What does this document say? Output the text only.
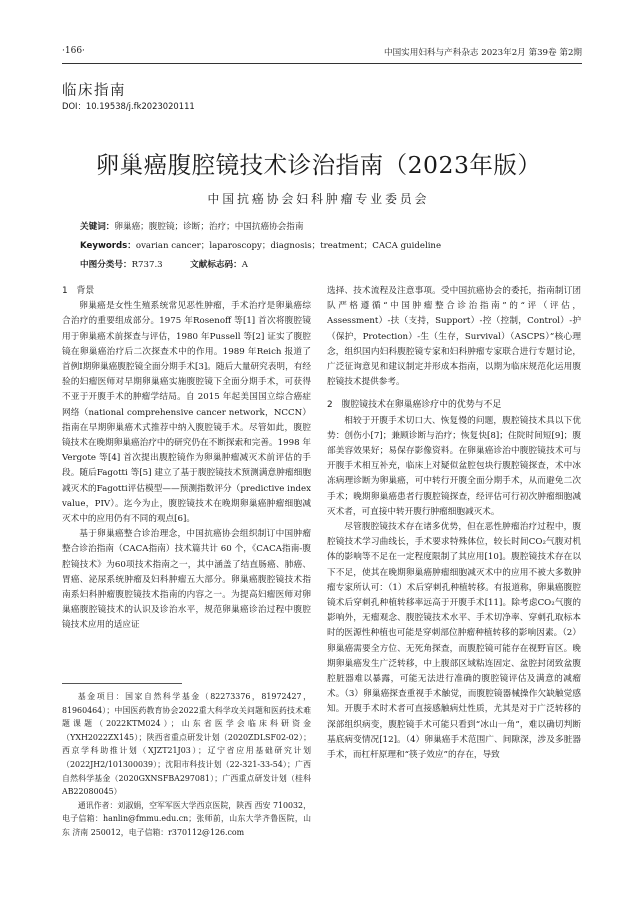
·166·	中国实用妇科与产科杂志 2023年2月 第39卷 第2期
临床指南
DOI：10.19538/j.fk2023020111
卵巢癌腹腔镜技术诊治指南（2023年版）
中国抗癌协会妇科肿瘤专业委员会
关键词：卵巢癌；腹腔镜；诊断；治疗；中国抗癌协会指南
Keywords：ovarian cancer；laparoscopy；diagnosis；treatment；CACA guideline
中图分类号：R737.3	文献标志码：A
1　背景

卵巢癌是女性生殖系统常见恶性肿瘤，手术治疗是卵巢癌综合治疗的重要组成部分。1975 年Rosenoff 等[1] 首次将腹腔镜用于卵巢癌术前探查与评估，1980 年Pussell 等[2] 证实了腹腔镜在卵巢癌治疗后二次探查术中的作用。1989 年Reich 报道了首例Ⅰ期卵巢癌腹腔镜全面分期手术[3]。随后大量研究表明，有经验的妇瘤医师对早期卵巢癌实施腹腔镜下全面分期手术，可获得不亚于开腹手术的肿瘤学结局。自 2015 年起美国国立综合癌症网络（national comprehensive cancer network，NCCN）指南在早期卵巢癌术式推荐中纳入腹腔镜手术。尽管如此，腹腔镜技术在晚期卵巢癌治疗中的研究仍在不断探索和完善。1998 年 Vergote 等[4] 首次提出腹腔镜作为卵巢肿瘤减灭术前评估的手段。随后Fagotti 等[5] 建立了基于腹腔镜技术预测满意肿瘤细胞减灭术的Fagotti评估模型——预测指数评分（predictive index value，PIV）。迄今为止，腹腔镜技术在晚期卵巢癌肿瘤细胞减灭术中的应用仍有不同的观点[6]。

基于卵巢癌整合诊治理念，中国抗癌协会组织制订中国肿瘤整合诊治指南（CACA指南）技术篇共计 60 个，《CACA指南-腹腔镜技术》为60项技术指南之一，其中涵盖了结直肠癌、肺癌、胃癌、泌尿系统肿瘤及妇科肿瘤五大部分。卵巢癌腹腔镜技术指南系妇科肿瘤腹腔镜技术指南的内容之一。为提高妇瘤医师对卵巢癌腹腔镜技术的认识及诊治水平，规范卵巢癌诊治过程中腹腔镜技术应用的适应证

基金项目：国家自然科学基金（82273376，81972427，81960464）；中国医药教育协会2022重大科学攻关问题和医药技术难题课题（2022KTM024）；山东省医学会临床科研资金（YXH2022ZX145）；陕西省重点研发计划（2020ZDLSF02-02）；西京学科助推计划（XJZT21J03）；辽宁省应用基础研究计划（2022JH2/101300039）；沈阳市科技计划（22-321-33-54）；广西自然科学基金（2020GXNSFBA297081）；广西重点研发计划（桂科AB22080045）

通讯作者：刘淑娟，空军军医大学西京医院，陕西 西安 710032，电子信箱：hanlin@fmmu.edu.cn；张师前，山东大学齐鲁医院，山东 济南 250012，电子信箱：r370112@126.com

选择、技术流程及注意事项。受中国抗癌协会的委托，指南制订团队严格遵循“中国肿瘤整合诊治指南”的“评（评估，Assessment）-扶（支持，Support）-控（控制，Control）-护（保护，Protection）-生（生存，Survival）（ASCPS）”核心理念，组织国内妇科腹腔镜专家和妇科肿瘤专家联合进行专题讨论，广泛征询意见和建议制定并形成本指南，以期为临床规范化运用腹腔镜技术提供参考。

2　腹腔镜技术在卵巢癌诊疗中的优势与不足

相较于开腹手术切口大、恢复慢的问题，腹腔镜技术具以下优势：创伤小[7]；兼顾诊断与治疗；恢复快[8]；住院时间短[9]；腹部美容效果好；易保存影像资料。在卵巢癌诊治中腹腔镜技术可与开腹手术相互补充，临床上对疑似盆腔包块行腹腔镜探查，术中冰冻病理诊断为卵巢癌，可中转行开腹全面分期手术，从而避免二次手术；晚期卵巢癌患者行腹腔镜探查，经评估可行初次肿瘤细胞减灭术者，可直接中转开腹行肿瘤细胞减灭术。

尽管腹腔镜技术存在诸多优势，但在恶性肿瘤治疗过程中，腹腔镜技术学习曲线长，手术要求特殊体位，较长时间CO₂气腹对机体的影响等不足在一定程度限制了其应用[10]。腹腔镜技术存在以下不足，使其在晚期卵巢癌肿瘤细胞减灭术中的应用不被大多数肿瘤专家所认可：（1）术后穿刺孔种植转移。有报道称，卵巢癌腹腔镜术后穿刺孔种植转移率远高于开腹手术[11]。除考虑CO₂气腹的影响外，无瘤观念、腹腔镜技术水平、手术切净率、穿刺孔取标本时的医源性种植也可能是穿刺部位肿瘤种植转移的影响因素。（2）卵巢癌需要全方位、无死角探查，而腹腔镜可能存在视野盲区。晚期卵巢癌发生广泛转移，中上腹部区域粘连固定、盆腔封闭致盆腹腔脏器难以暴露，可能无法进行准确的腹腔镜评估及满意的减瘤术。（3）卵巢癌探查重视手术触觉，而腹腔镜器械操作欠缺触觉感知。开腹手术时术者可直接感触病灶性质，尤其是对于广泛转移的深部组织病变，腹腔镜手术可能只看到“冰山一角”，难以确切判断基底病变情况[12]。（4）卵巢癌手术范围广、间隙深，涉及多脏器手术，而杠杆原理和“筷子效应”的存在，导致
